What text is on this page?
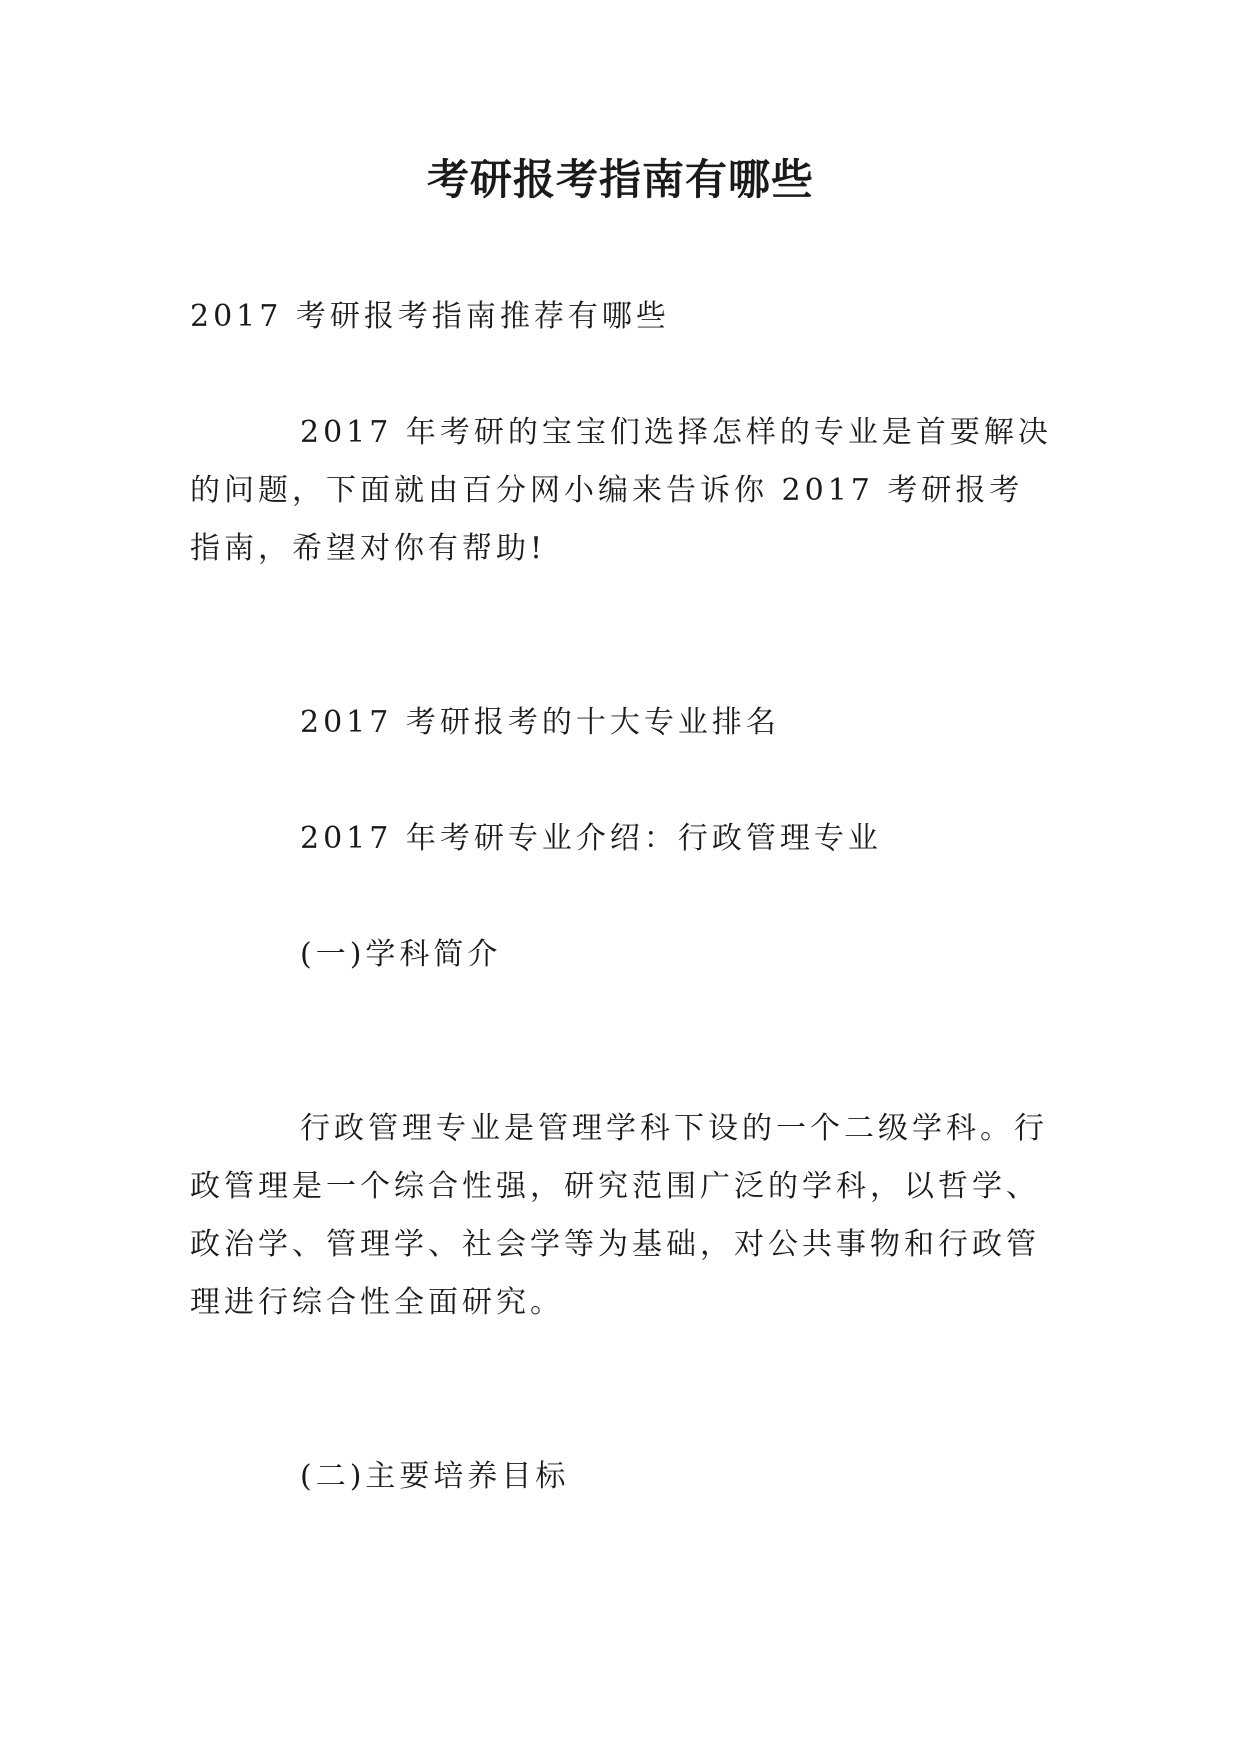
考研报考指南有哪些

2017 考研报考指南推荐有哪些

2017 年考研的宝宝们选择怎样的专业是首要解决的问题，下面就由百分网小编来告诉你 2017 考研报考指南，希望对你有帮助!

2017 考研报考的十大专业排名

2017 年考研专业介绍：行政管理专业

(一)学科简介

行政管理专业是管理学科下设的一个二级学科。行政管理是一个综合性强，研究范围广泛的学科，以哲学、政治学、管理学、社会学等为基础，对公共事物和行政管理进行综合性全面研究。

(二)主要培养目标
